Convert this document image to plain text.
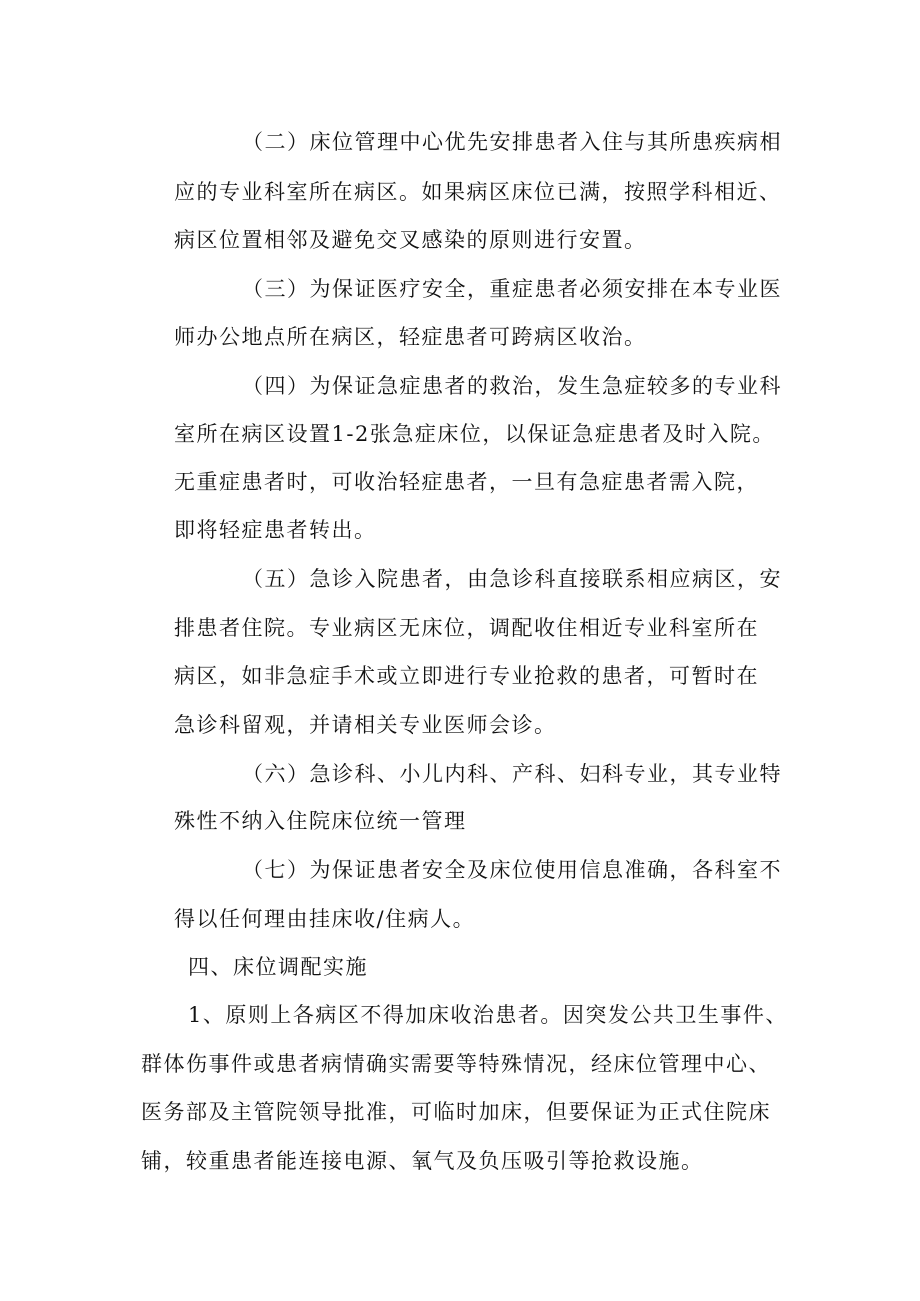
（二）床位管理中心优先安排患者入住与其所患疾病相
应的专业科室所在病区。如果病区床位已满，按照学科相近、
病区位置相邻及避免交叉感染的原则进行安置。
（三）为保证医疗安全，重症患者必须安排在本专业医
师办公地点所在病区，轻症患者可跨病区收治。
（四）为保证急症患者的救治，发生急症较多的专业科
室所在病区设置1-2张急症床位，以保证急症患者及时入院。
无重症患者时，可收治轻症患者，一旦有急症患者需入院，
即将轻症患者转出。
（五）急诊入院患者，由急诊科直接联系相应病区，安
排患者住院。专业病区无床位，调配收住相近专业科室所在
病区，如非急症手术或立即进行专业抢救的患者，可暂时在
急诊科留观，并请相关专业医师会诊。
（六）急诊科、小儿内科、产科、妇科专业，其专业特
殊性不纳入住院床位统一管理
（七）为保证患者安全及床位使用信息准确，各科室不
得以任何理由挂床收/住病人。
四、床位调配实施
1、原则上各病区不得加床收治患者。因突发公共卫生事件、
群体伤事件或患者病情确实需要等特殊情况，经床位管理中心、
医务部及主管院领导批准，可临时加床，但要保证为正式住院床
铺，较重患者能连接电源、氧气及负压吸引等抢救设施。
